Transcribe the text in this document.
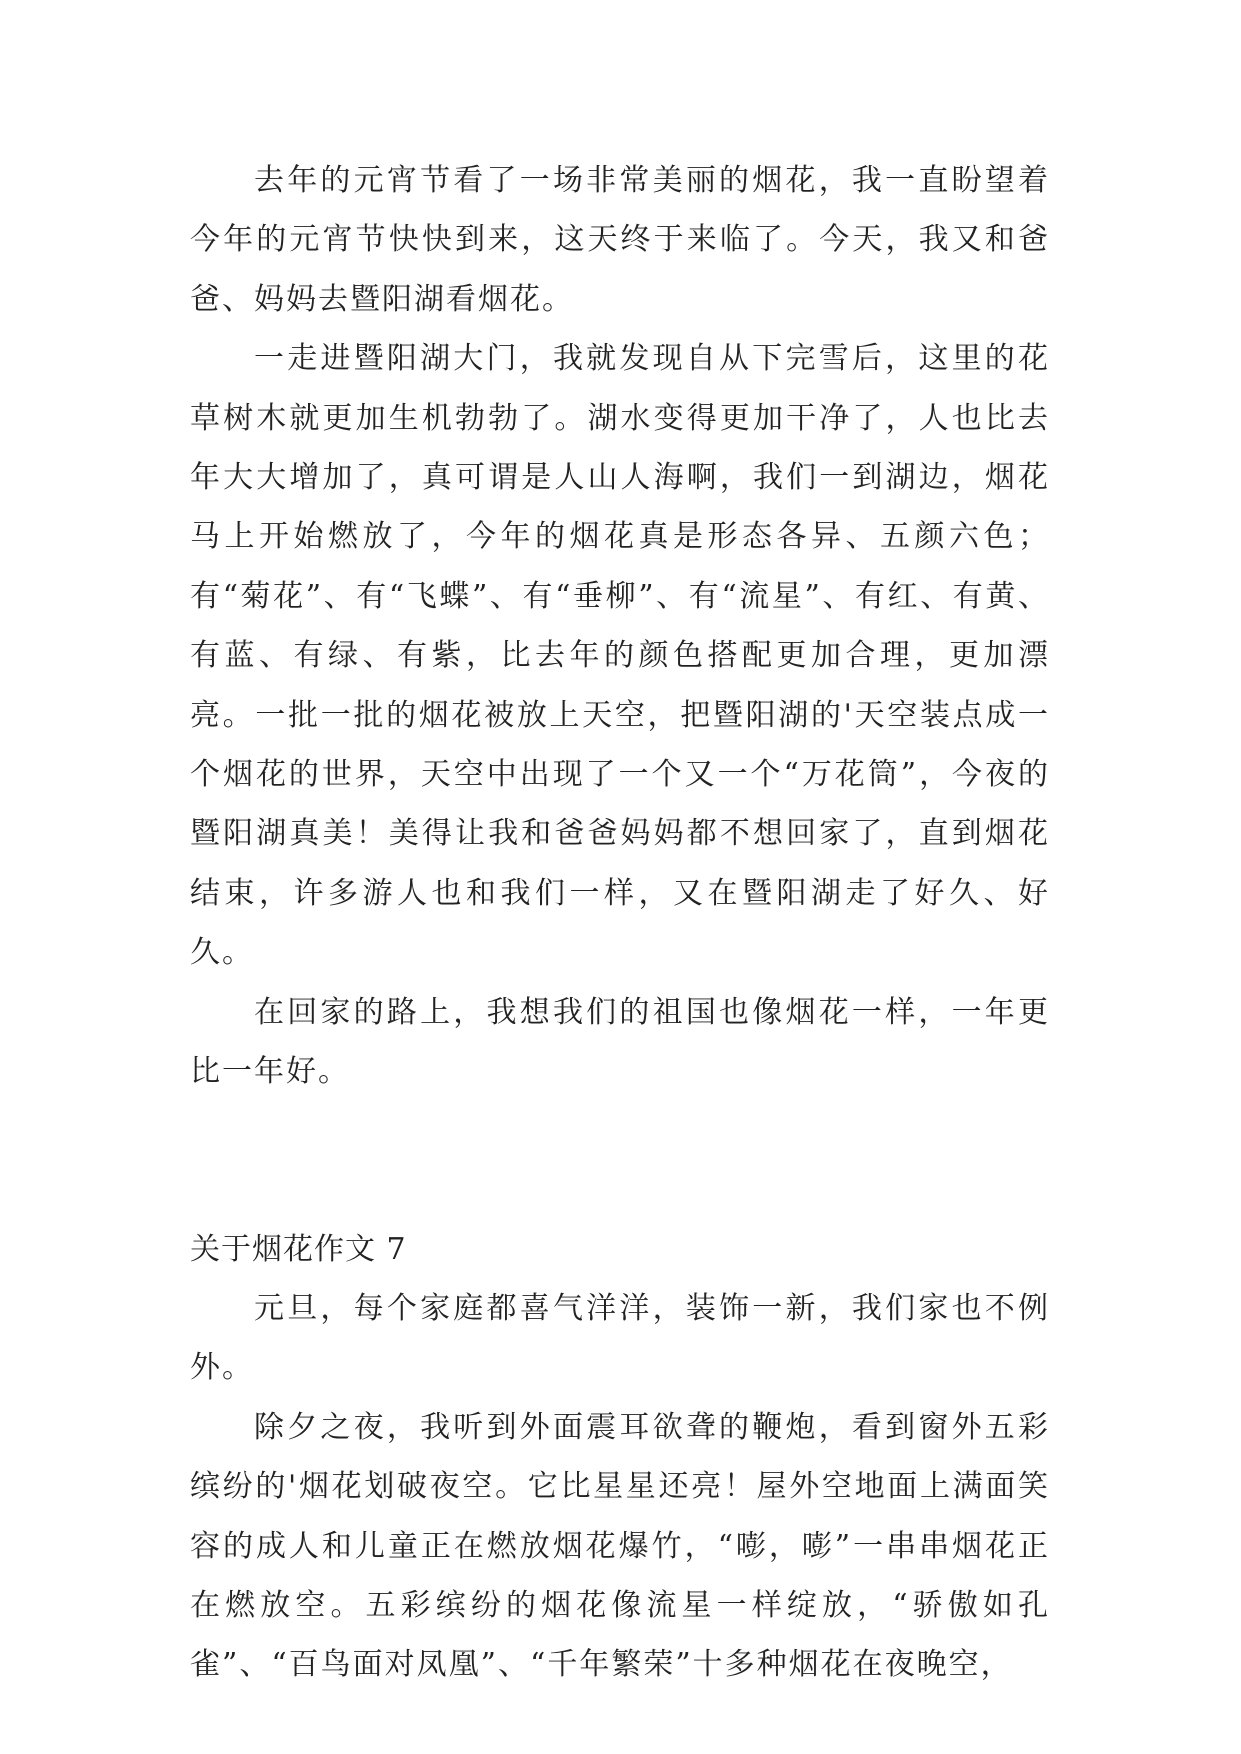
去年的元宵节看了一场非常美丽的烟花，我一直盼望着今年的元宵节快快到来，这天终于来临了。今天，我又和爸爸、妈妈去暨阳湖看烟花。

一走进暨阳湖大门，我就发现自从下完雪后，这里的花草树木就更加生机勃勃了。湖水变得更加干净了，人也比去年大大增加了，真可谓是人山人海啊，我们一到湖边，烟花马上开始燃放了，今年的烟花真是形态各异、五颜六色；有“菊花”、有“飞蝶”、有“垂柳”、有“流星”、有红、有黄、有蓝、有绿、有紫，比去年的颜色搭配更加合理，更加漂亮。一批一批的烟花被放上天空，把暨阳湖的'天空装点成一个烟花的世界，天空中出现了一个又一个“万花筒”，今夜的暨阳湖真美！美得让我和爸爸妈妈都不想回家了，直到烟花结束，许多游人也和我们一样，又在暨阳湖走了好久、好久。

在回家的路上，我想我们的祖国也像烟花一样，一年更比一年好。

关于烟花作文 7

元旦，每个家庭都喜气洋洋，装饰一新，我们家也不例外。

除夕之夜，我听到外面震耳欲聋的鞭炮，看到窗外五彩缤纷的'烟花划破夜空。它比星星还亮！屋外空地面上满面笑容的成人和儿童正在燃放烟花爆竹，“嘭，嘭”一串串烟花正在燃放空。五彩缤纷的烟花像流星一样绽放，“骄傲如孔雀”、“百鸟面对凤凰”、“千年繁荣”十多种烟花在夜晚空，
